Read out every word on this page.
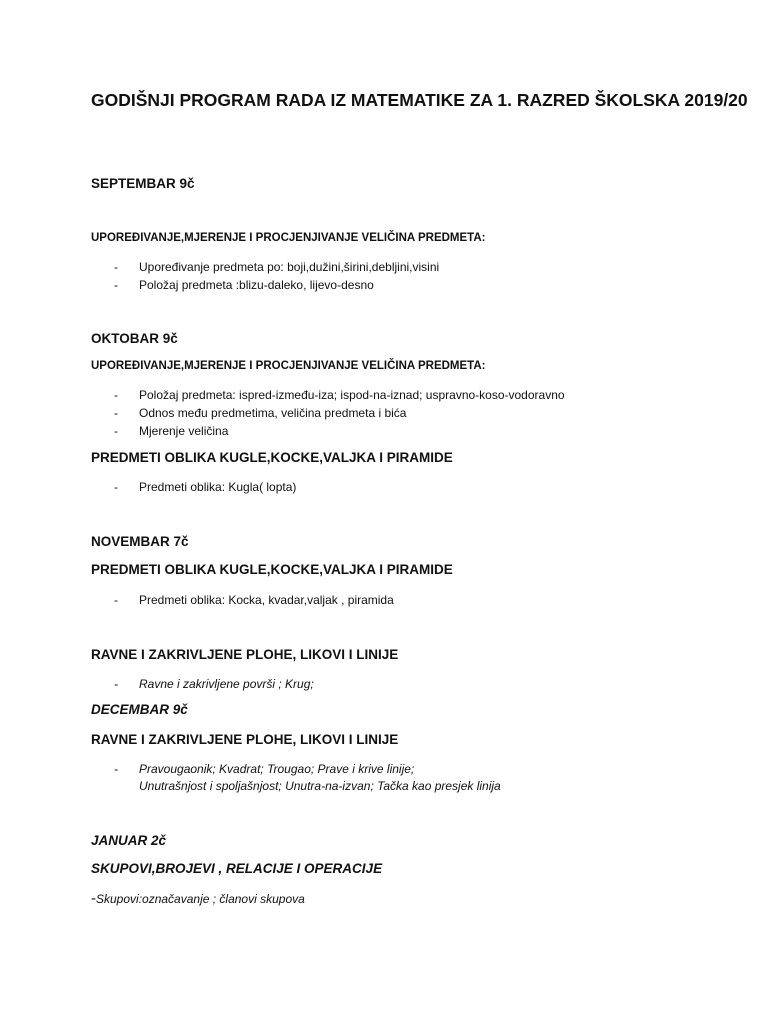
GODIŠNJI PROGRAM RADA IZ MATEMATIKE ZA 1. RAZRED ŠKOLSKA 2019/20
SEPTEMBAR 9č
UPOREĐIVANJE,MJERENJE I PROCJENJIVANJE VELIČINA PREDMETA:
- Upoređivanje predmeta po: boji,dužini,širini,debljini,visini
- Položaj predmeta :blizu-daleko, lijevo-desno
OKTOBAR 9č
UPOREĐIVANJE,MJERENJE I PROCJENJIVANJE VELIČINA PREDMETA:
- Položaj predmeta: ispred-između-iza; ispod-na-iznad; uspravno-koso-vodoravno
- Odnos među predmetima, veličina predmeta i bića
- Mjerenje veličina
PREDMETI OBLIKA KUGLE,KOCKE,VALJKA I PIRAMIDE
- Predmeti oblika: Kugla( lopta)
NOVEMBAR 7č
PREDMETI OBLIKA KUGLE,KOCKE,VALJKA I PIRAMIDE
- Predmeti oblika: Kocka, kvadar,valjak , piramida
RAVNE I ZAKRIVLJENE PLOHE, LIKOVI I LINIJE
- Ravne i zakrivljene površi ; Krug;
DECEMBAR 9č
RAVNE I ZAKRIVLJENE PLOHE, LIKOVI I LINIJE
- Pravougaonik; Kvadrat; Trougao; Prave i krive linije;
Unutrašnjost i spoljašnjost; Unutra-na-izvan; Tačka kao presjek linija
JANUAR 2č
SKUPOVI,BROJEVI , RELACIJE I OPERACIJE
-Skupovi:označavanje ; članovi skupova
